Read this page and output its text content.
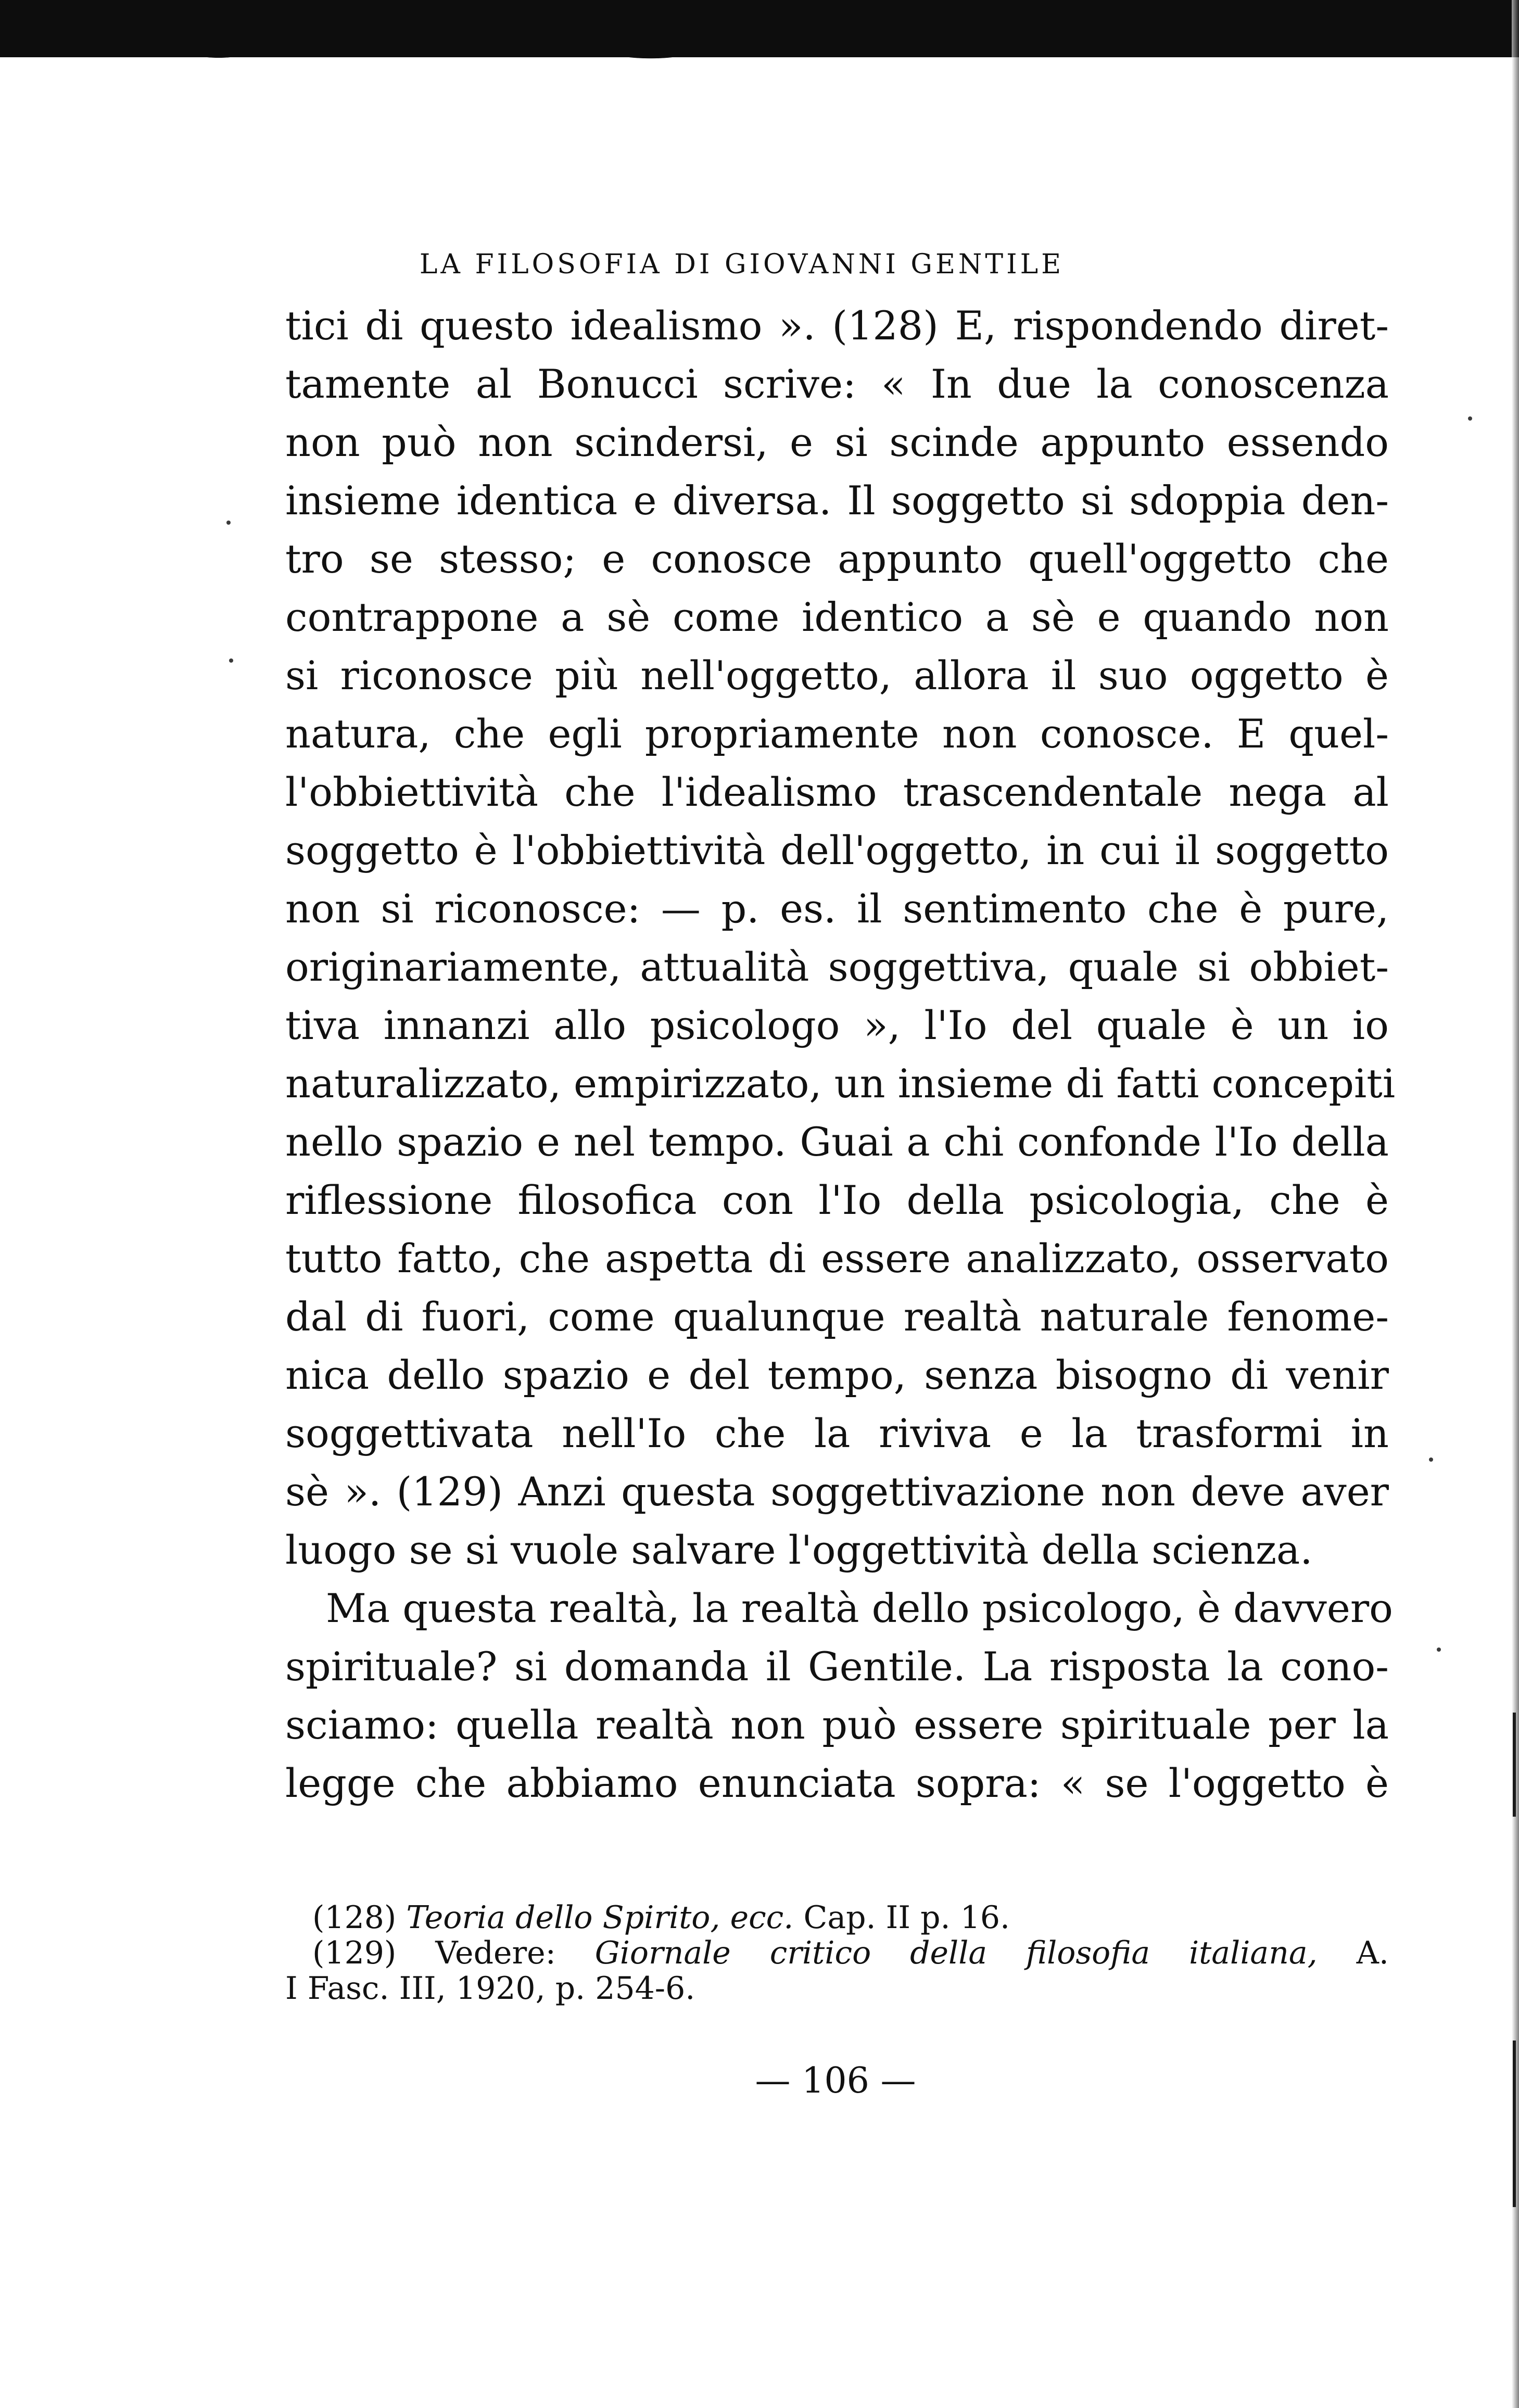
LA FILOSOFIA DI GIOVANNI GENTILE
tici di questo idealismo ». (128) E, rispondendo diret-
tamente al Bonucci scrive: « In due la conoscenza
non può non scindersi, e si scinde appunto essendo
insieme identica e diversa. Il soggetto si sdoppia den-
tro se stesso; e conosce appunto quell'oggetto che
contrappone a sè come identico a sè e quando non
si riconosce più nell'oggetto, allora il suo oggetto è
natura, che egli propriamente non conosce. E quel-
l'obbiettività che l'idealismo trascendentale nega al
soggetto è l'obbiettività dell'oggetto, in cui il soggetto
non si riconosce: — p. es. il sentimento che è pure,
originariamente, attualità soggettiva, quale si obbiet-
tiva innanzi allo psicologo », l'Io del quale è un io
naturalizzato, empirizzato, un insieme di fatti concepiti
nello spazio e nel tempo. Guai a chi confonde l'Io della
riflessione filosofica con l'Io della psicologia, che è
tutto fatto, che aspetta di essere analizzato, osservato
dal di fuori, come qualunque realtà naturale fenome-
nica dello spazio e del tempo, senza bisogno di venir
soggettivata nell'Io che la riviva e la trasformi in
sè ». (129) Anzi questa soggettivazione non deve aver
luogo se si vuole salvare l'oggettività della scienza.
Ma questa realtà, la realtà dello psicologo, è davvero
spirituale? si domanda il Gentile. La risposta la cono-
sciamo: quella realtà non può essere spirituale per la
legge che abbiamo enunciata sopra: « se l'oggetto è
(128) Teoria dello Spirito, ecc. Cap. II p. 16.
(129) Vedere: Giornale critico della filosofia italiana, A.
I Fasc. III, 1920, p. 254-6.
— 106 —
